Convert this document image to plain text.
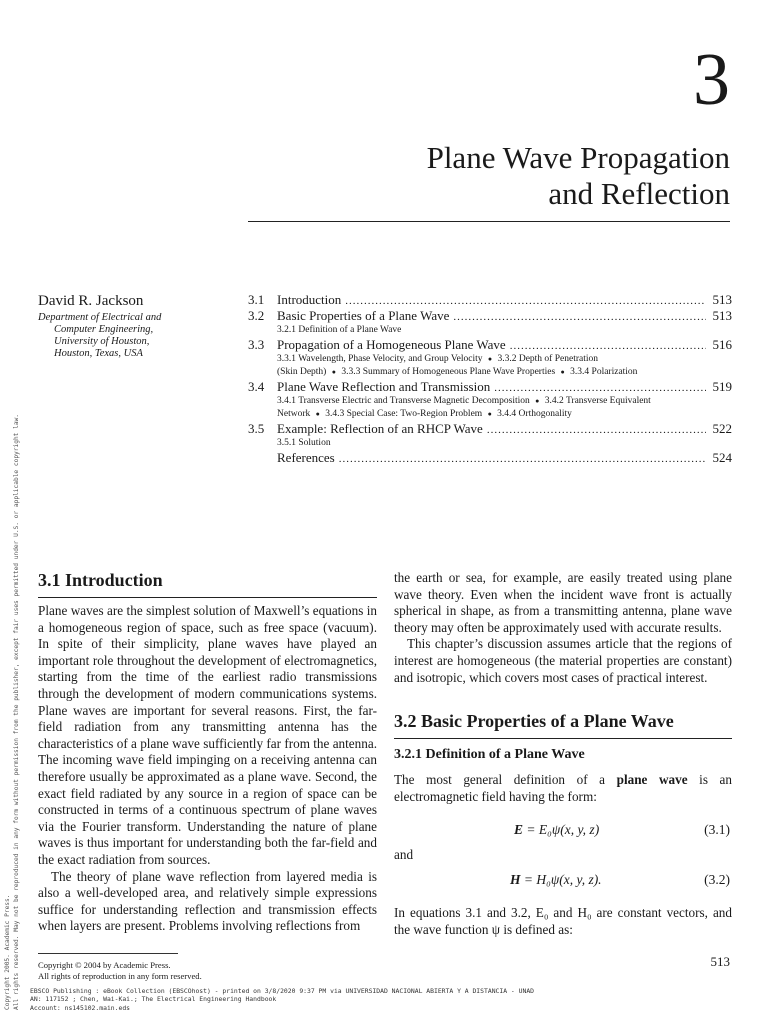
Copyright 2005. Academic Press. All rights reserved. May not be reproduced in any form without permission from the publisher, except fair uses permitted under U.S. or applicable copyright law.
3
Plane Wave Propagation
and Reflection
David R. Jackson
Department of Electrical and
Computer Engineering,
University of Houston,
Houston, Texas, USA
3.1 Introduction .....	513
3.2 Basic Properties of a Plane Wave .....	513
3.2.1 Definition of a Plane Wave
3.3 Propagation of a Homogeneous Plane Wave .....	516
3.3.1 Wavelength, Phase Velocity, and Group Velocity ● 3.3.2 Depth of Penetration
(Skin Depth) ● 3.3.3 Summary of Homogeneous Plane Wave Properties ● 3.3.4 Polarization
3.4 Plane Wave Reflection and Transmission .....	519
3.4.1 Transverse Electric and Transverse Magnetic Decomposition ● 3.4.2 Transverse Equivalent
Network ● 3.4.3 Special Case: Two-Region Problem ● 3.4.4 Orthogonality
3.5 Example: Reflection of an RHCP Wave .....	522
3.5.1 Solution
References .....	524
3.1 Introduction

Plane waves are the simplest solution of Maxwell’s equations in a homogeneous region of space, such as free space (vacuum). In spite of their simplicity, plane waves have played an important role throughout the development of electromagnetics, starting from the time of the earliest radio transmissions through the development of modern communications systems. Plane waves are important for several reasons. First, the far-field radiation from any transmitting antenna has the characteristics of a plane wave sufficiently far from the antenna. The incoming wave field impinging on a receiving antenna can therefore usually be approximated as a plane wave. Second, the exact field radiated by any source in a region of space can be constructed in terms of a continuous spectrum of plane waves via the Fourier transform. Understanding the nature of plane waves is thus important for understanding both the far-field and the exact radiation from sources.

The theory of plane wave reflection from layered media is also a well-developed area, and relatively simple expressions suffice for understanding reflection and transmission effects when layers are present. Problems involving reflections from

the earth or sea, for example, are easily treated using plane wave theory. Even when the incident wave front is actually spherical in shape, as from a transmitting antenna, plane wave theory may often be approximately used with accurate results.

This chapter’s discussion assumes article that the regions of interest are homogeneous (the material properties are constant) and isotropic, which covers most cases of practical interest.

3.2 Basic Properties of a Plane Wave
3.2.1 Definition of a Plane Wave

The most general definition of a plane wave is an electromagnetic field having the form:

E = E₀ψ(x, y, z)	(3.1)
and
H = H₀ψ(x, y, z).	(3.2)
In equations 3.1 and 3.2, E₀ and H₀ are constant vectors, and the wave function ψ is defined as:
Copyright © 2004 by Academic Press.
All rights of reproduction in any form reserved.
513
EBSCO Publishing : eBook Collection (EBSCOhost) - printed on 3/8/2020 9:37 PM via UNIVERSIDAD NACIONAL ABIERTA Y A DISTANCIA - UNAD
AN: 117152 ; Chen, Wai-Kai.; The Electrical Engineering Handbook
Account: ns145102.main.eds
